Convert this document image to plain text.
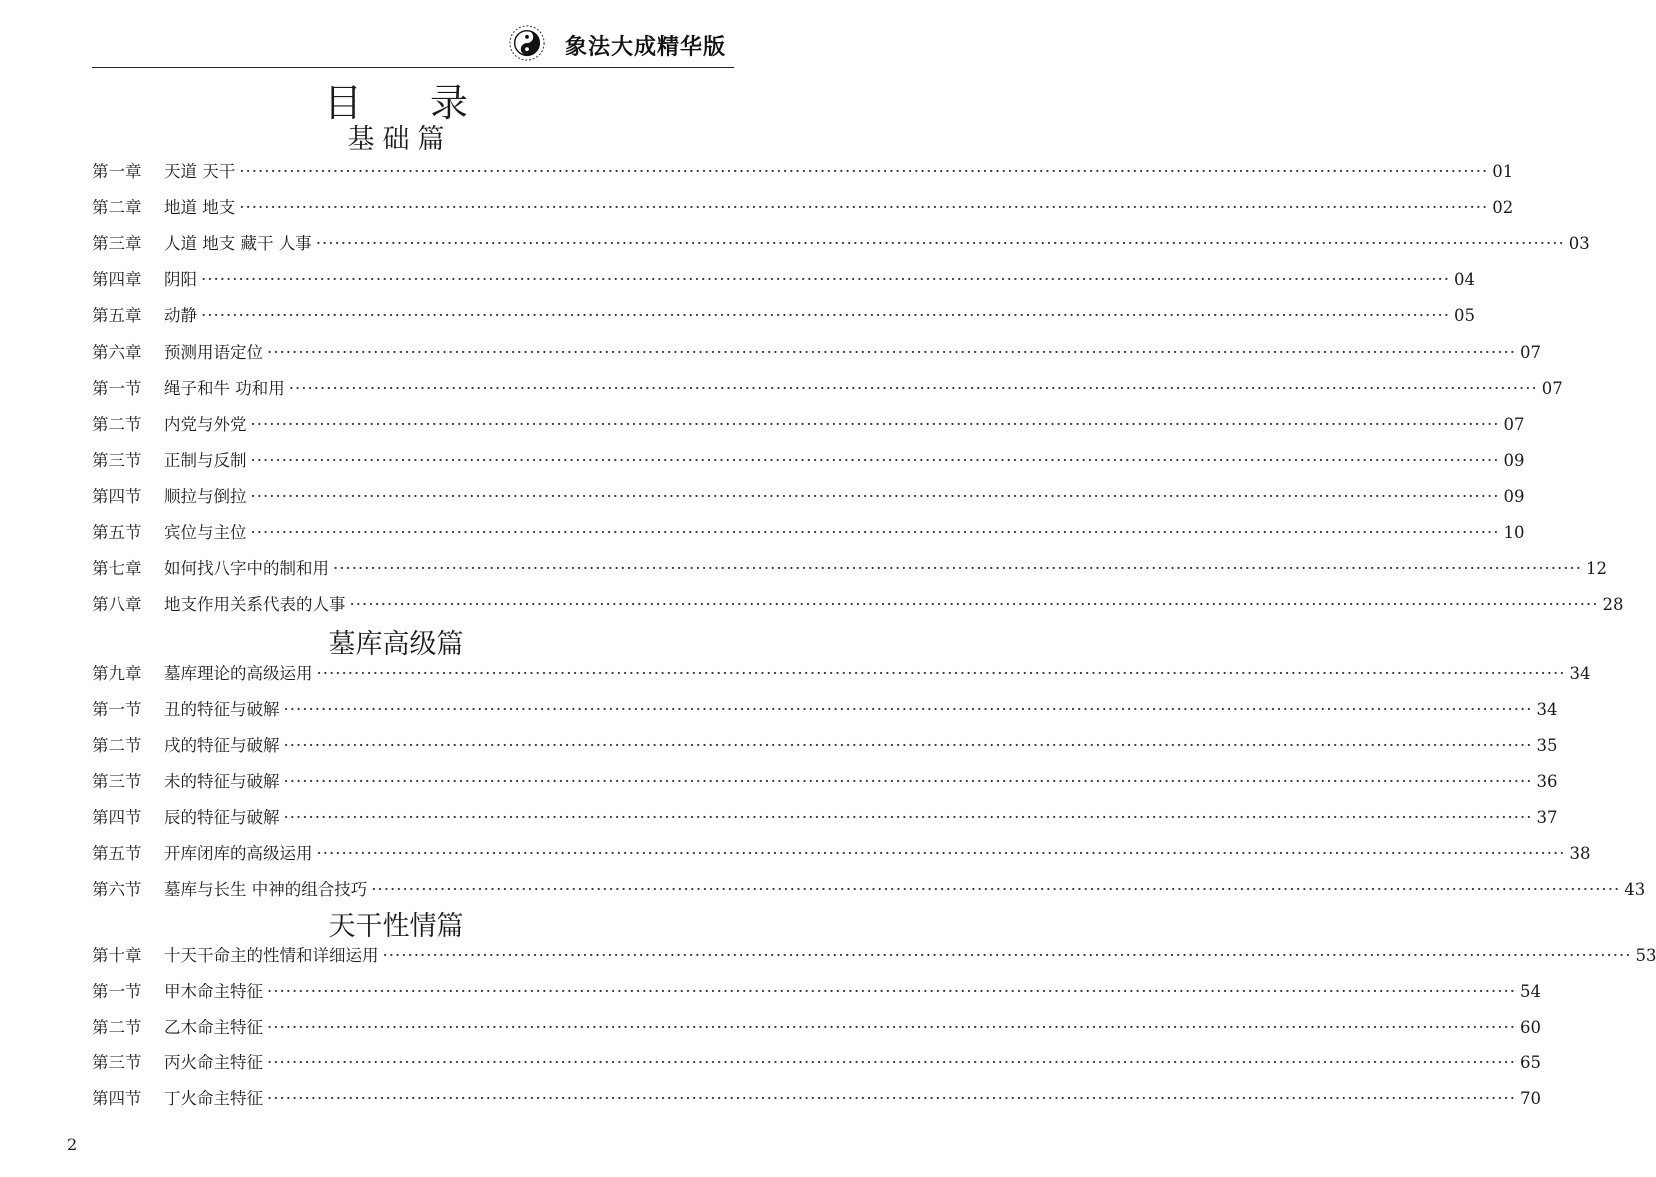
象法大成精华版
目 录
基础篇
第一章	天道 天干 ········································································································································································································ 01
第二章	地道 地支 ········································································································································································································ 02
第三章	人道 地支 藏干 人事 ········································································································································································································ 03
第四章	阴阳 ········································································································································································································ 04
第五章	动静 ········································································································································································································ 05
第六章	预测用语定位 ········································································································································································································ 07
第一节	绳子和牛 功和用 ········································································································································································································ 07
第二节	内党与外党 ········································································································································································································ 07
第三节	正制与反制 ········································································································································································································ 09
第四节	顺拉与倒拉 ········································································································································································································ 09
第五节	宾位与主位 ········································································································································································································ 10
第七章	如何找八字中的制和用 ········································································································································································································ 12
第八章	地支作用关系代表的人事 ········································································································································································································ 28
墓库高级篇
第九章	墓库理论的高级运用 ········································································································································································································ 34
第一节	丑的特征与破解 ········································································································································································································ 34
第二节	戌的特征与破解 ········································································································································································································ 35
第三节	未的特征与破解 ········································································································································································································ 36
第四节	辰的特征与破解 ········································································································································································································ 37
第五节	开库闭库的高级运用 ········································································································································································································ 38
第六节	墓库与长生 中神的组合技巧 ········································································································································································································ 43
天干性情篇
第十章	十天干命主的性情和详细运用 ········································································································································································································ 53
第一节	甲木命主特征 ········································································································································································································ 54
第二节	乙木命主特征 ········································································································································································································ 60
第三节	丙火命主特征 ········································································································································································································ 65
第四节	丁火命主特征 ········································································································································································································ 70
2
